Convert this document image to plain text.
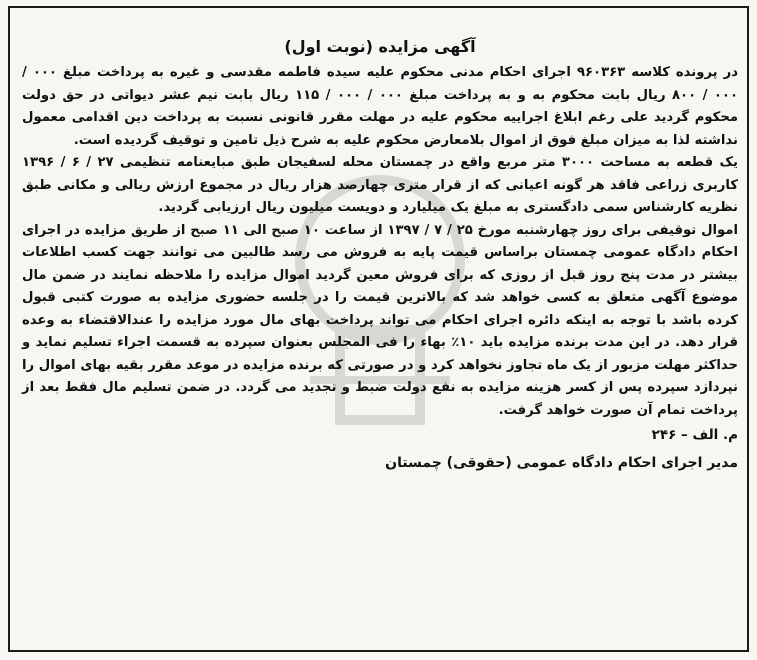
آگهی مزایده (نوبت اول)

در پرونده کلاسه ۹۶۰۳۶۳ اجرای احکام مدنی محکوم علیه سیده فاطمه مقدسی و غیره به پرداخت مبلغ ۰۰۰ / ۰۰۰ / ۸۰۰ ریال بابت محکوم به و به پرداخت مبلغ ۰۰۰ / ۰۰۰ / ۱۱۵ ریال بابت نیم عشر دیواتی در حق دولت محکوم گردید علی رغم ابلاغ اجراییه محکوم علیه در مهلت مقرر قانونی نسبت به پرداخت دین اقدامی معمول نداشته لذا به میزان مبلغ فوق از اموال بلامعارض محکوم علیه به شرح ذیل تامین و توقیف گردیده است.

یک قطعه به مساحت ۳۰۰۰ متر مربع واقع در چمستان محله لسفیجان طبق مبایعنامه تنظیمی ۲۷ / ۶ / ۱۳۹۶ کاربری زراعی فاقد هر گونه اعیانی که از قرار متری چهارصد هزار ریال در مجموع ارزش ریالی و مکانی طبق نظریه کارشناس سمی دادگستری به مبلغ یک میلیارد و دویست میلیون ریال ارزیابی گردید.

اموال توقیفی برای روز چهارشنبه مورخ ۲۵ / ۷ / ۱۳۹۷ از ساعت ۱۰ صبح الی ۱۱ صبح از طریق مزایده در اجرای احکام دادگاه عمومی چمستان براساس قیمت پایه به فروش می رسد طالبین می توانند جهت کسب اطلاعات بیشتر در مدت پنج روز قبل از روزی که برای فروش معین گردید اموال مزایده را ملاحظه نمایند در ضمن مال موضوع آگهی متعلق به کسی خواهد شد که بالاترین قیمت را در جلسه حضوری مزایده به صورت کتبی قبول کرده باشد با توجه به اینکه دائره اجرای احکام می تواند پرداخت بهای مال مورد مزایده را عندالاقتضاء به وعده قرار دهد. در این مدت برنده مزایده باید ۱۰٪ بهاء را فی المجلس بعنوان سپرده به قسمت اجراء تسلیم نماید و حداکثر مهلت مزبور از یک ماه تجاوز نخواهد کرد و در صورتی که برنده مزایده در موعد مقرر بقیه بهای اموال را نپردازد سپرده پس از کسر هزینه مزایده به نفع دولت ضبط و تجدید می گردد. در ضمن تسلیم مال فقط بعد از پرداخت تمام آن صورت خواهد گرفت.

م. الف – ۲۴۶
مدیر اجرای احکام دادگاه عمومی (حقوقی) چمستان
